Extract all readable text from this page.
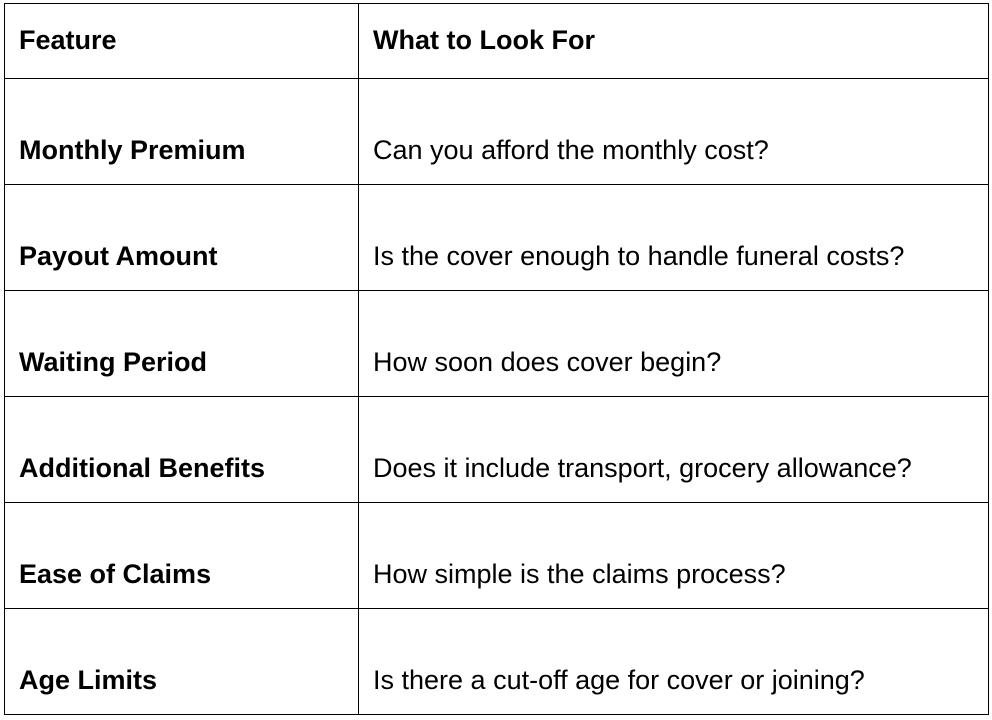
Feature	What to Look For
Monthly Premium	Can you afford the monthly cost?
Payout Amount	Is the cover enough to handle funeral costs?
Waiting Period	How soon does cover begin?
Additional Benefits	Does it include transport, grocery allowance?
Ease of Claims	How simple is the claims process?
Age Limits	Is there a cut-off age for cover or joining?
